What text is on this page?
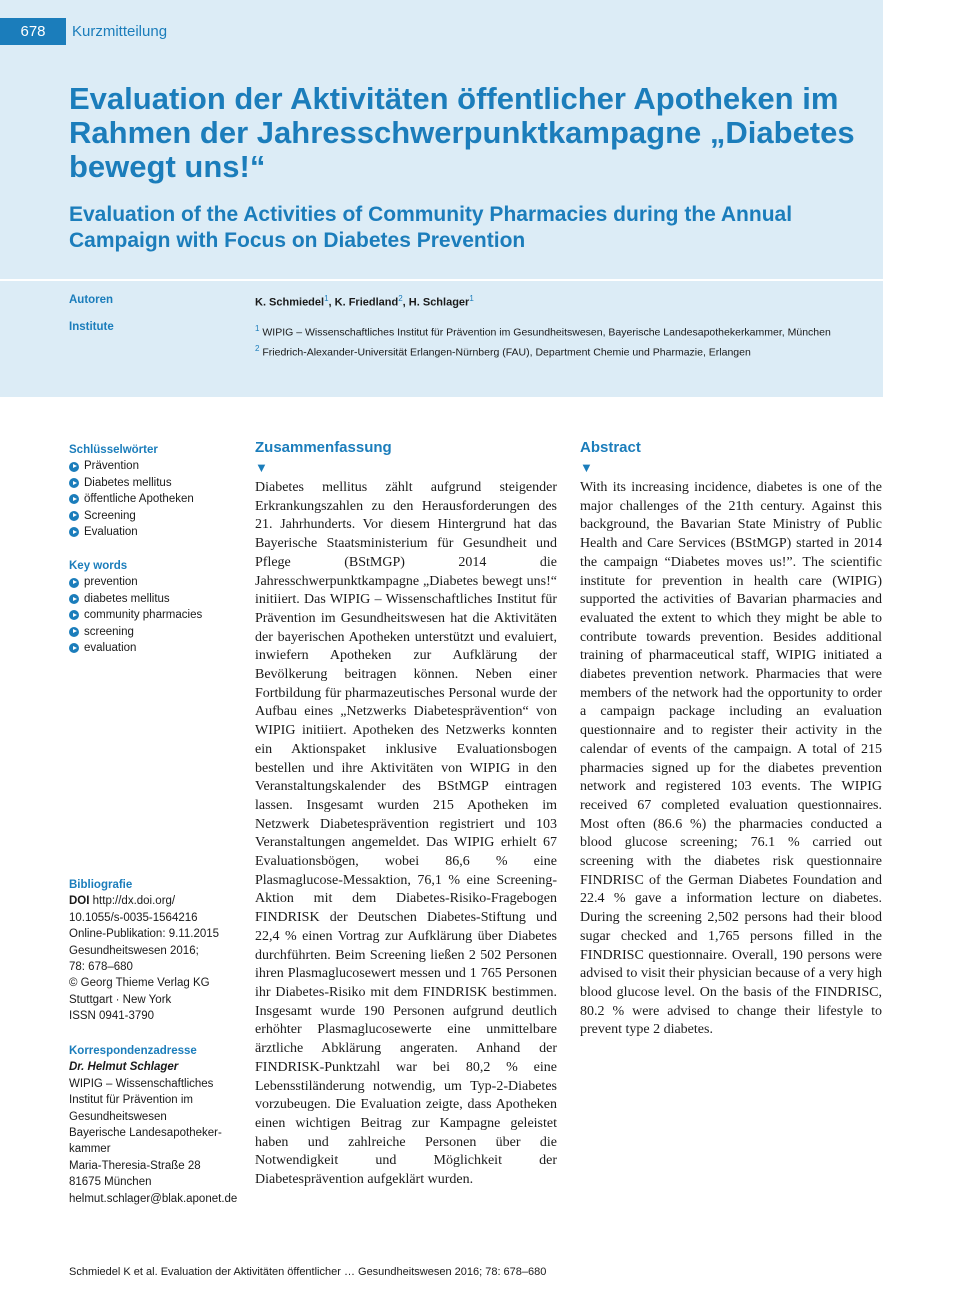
678	Kurzmitteilung
Evaluation der Aktivitäten öffentlicher Apotheken im Rahmen der Jahresschwerpunktkampagne „Diabetes bewegt uns!“
Evaluation of the Activities of Community Pharmacies during the Annual Campaign with Focus on Diabetes Prevention
Autoren	K. Schmiedel$^1$, K. Friedland$^2$, H. Schlager$^1$
Institute	$^1$ WIPIG – Wissenschaftliches Institut für Prävention im Gesundheitswesen, Bayerische Landesapothekerkammer, München
$^2$ Friedrich-Alexander-Universität Erlangen-Nürnberg (FAU), Department Chemie und Pharmazie, Erlangen
Schlüsselwörter
Prävention
Diabetes mellitus
öffentliche Apotheken
Screening
Evaluation
Key words
prevention
diabetes mellitus
community pharmacies
screening
evaluation
Bibliografie
DOI http://dx.doi.org/
10.1055/s-0035-1564216
Online-Publikation: 9.11.2015
Gesundheitswesen 2016;
78: 678–680
© Georg Thieme Verlag KG
Stuttgart · New York
ISSN 0941-3790
Korrespondenzadresse
Dr. Helmut Schlager
WIPIG – Wissenschaftliches
Institut für Prävention im
Gesundheitswesen
Bayerische Landesapotheker-
kammer
Maria-Theresia-Straße 28
81675 München
helmut.schlager@blak.aponet.de
Zusammenfassung
▼

Diabetes mellitus zählt aufgrund steigender Erkrankungszahlen zu den Herausforderungen des 21. Jahrhunderts. Vor diesem Hintergrund hat das Bayerische Staatsministerium für Gesundheit und Pflege (BStMGP) 2014 die Jahresschwerpunktkampagne „Diabetes bewegt uns!“ initiiert. Das WIPIG – Wissenschaftliches Institut für Prävention im Gesundheitswesen hat die Aktivitäten der bayerischen Apotheken unterstützt und evaluiert, inwiefern Apotheken zur Aufklärung der Bevölkerung beitragen können. Neben einer Fortbildung für pharmazeutisches Personal wurde der Aufbau eines „Netzwerks Diabetesprävention“ von WIPIG initiiert. Apotheken des Netzwerks konnten ein Aktionspaket inklusive Evaluationsbogen bestellen und ihre Aktivitäten von WIPIG in den Veranstaltungskalender des BStMGP eintragen lassen. Insgesamt wurden 215 Apotheken im Netzwerk Diabetesprävention registriert und 103 Veranstaltungen angemeldet. Das WIPIG erhielt 67 Evaluationsbögen, wobei 86,6 % eine Plasmaglucose-Messaktion, 76,1 % eine Screening-Aktion mit dem Diabetes-Risiko-Fragebogen FINDRISK der Deutschen Diabetes-Stiftung und 22,4 % einen Vortrag zur Aufklärung über Diabetes durchführten. Beim Screening ließen 2 502 Personen ihren Plasmaglucosewert messen und 1 765 Personen ihr Diabetes-Risiko mit dem FINDRISK bestimmen. Insgesamt wurde 190 Personen aufgrund deutlich erhöhter Plasmaglucosewerte eine unmittelbare ärztliche Abklärung angeraten. Anhand der FINDRISK-Punktzahl war bei 80,2 % eine Lebensstiländerung notwendig, um Typ-2-Diabetes vorzubeugen. Die Evaluation zeigte, dass Apotheken einen wichtigen Beitrag zur Kampagne geleistet haben und zahlreiche Personen über die Notwendigkeit und Möglichkeit der Diabetesprävention aufgeklärt wurden.

Abstract
▼

With its increasing incidence, diabetes is one of the major challenges of the 21th century. Against this background, the Bavarian State Ministry of Public Health and Care Services (BStMGP) started in 2014 the campaign “Diabetes moves us!”. The scientific institute for prevention in health care (WIPIG) supported the activities of Bavarian pharmacies and evaluated the extent to which they might be able to contribute towards prevention. Besides additional training of pharmaceutical staff, WIPIG initiated a diabetes prevention network. Pharmacies that were members of the network had the opportunity to order a campaign package including an evaluation questionnaire and to register their activity in the calendar of events of the campaign. A total of 215 pharmacies signed up for the diabetes prevention network and registered 103 events. The WIPIG received 67 completed evaluation questionnaires. Most often (86.6 %) the pharmacies conducted a blood glucose screening; 76.1 % carried out screening with the diabetes risk questionnaire FINDRISC of the German Diabetes Foundation and 22.4 % gave a information lecture on diabetes. During the screening 2,502 persons had their blood sugar checked and 1,765 persons filled in the FINDRISC questionnaire. Overall, 190 persons were advised to visit their physician because of a very high blood glucose level. On the basis of the FINDRISC, 80.2 % were advised to change their lifestyle to prevent type 2 diabetes.

Schmiedel K et al. Evaluation der Aktivitäten öffentlicher … Gesundheitswesen 2016; 78: 678–680
